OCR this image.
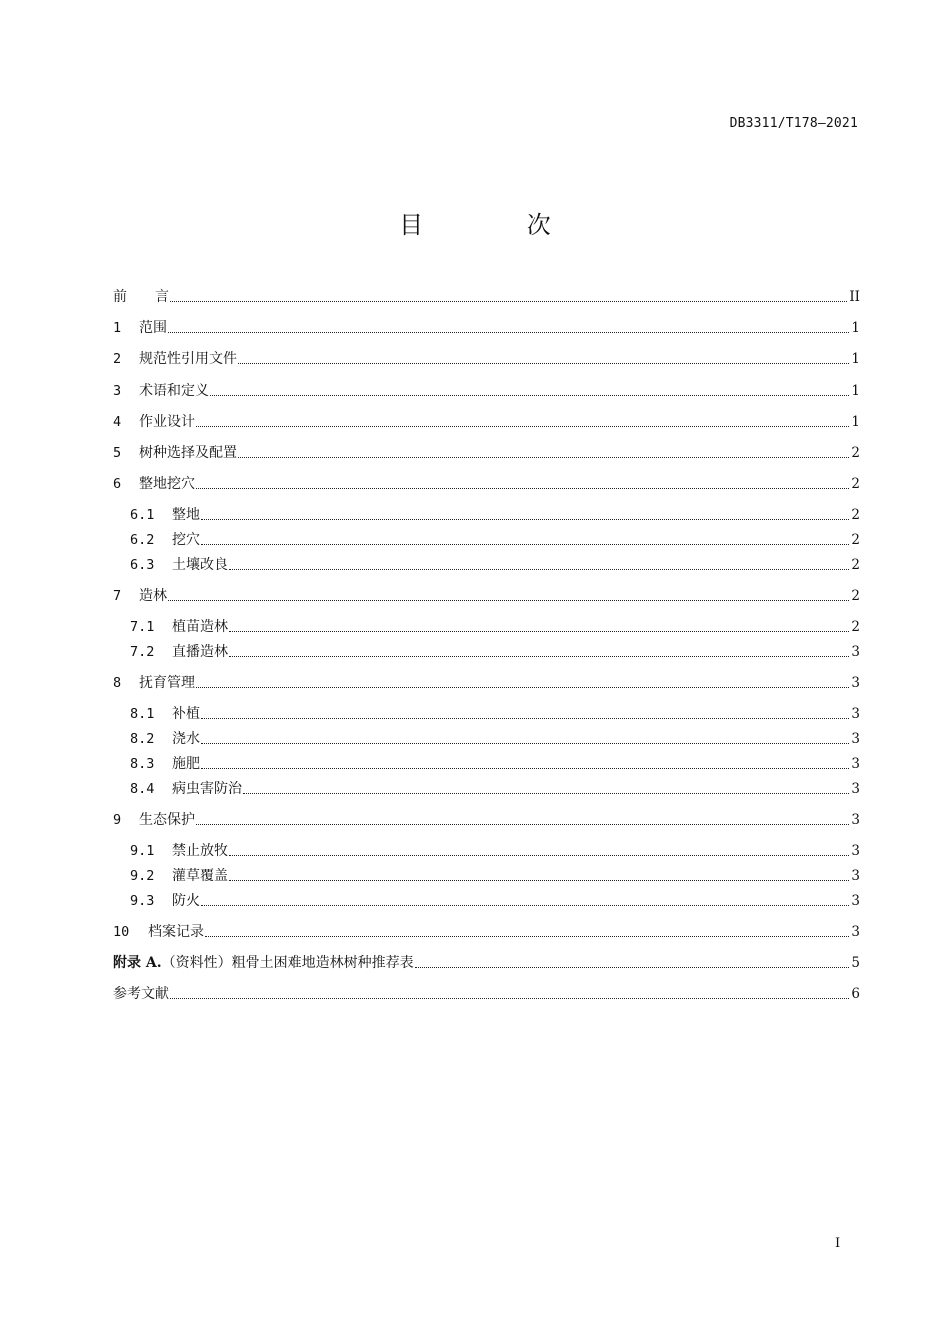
DB3311/T178—2021
目 次
前　　言	II
1	范围	1
2	规范性引用文件	1
3	术语和定义	1
4	作业设计	1
5	树种选择及配置	2
6	整地挖穴	2
6.1	整地	2
6.2	挖穴	2
6.3	土壤改良	2
7	造林	2
7.1	植苗造林	2
7.2	直播造林	3
8	抚育管理	3
8.1	补植	3
8.2	浇水	3
8.3	施肥	3
8.4	病虫害防治	3
9	生态保护	3
9.1	禁止放牧	3
9.2	灌草覆盖	3
9.3	防火	3
10	档案记录	3
附录 A. （资料性）粗骨土困难地造林树种推荐表	5
参考文献	6
I
